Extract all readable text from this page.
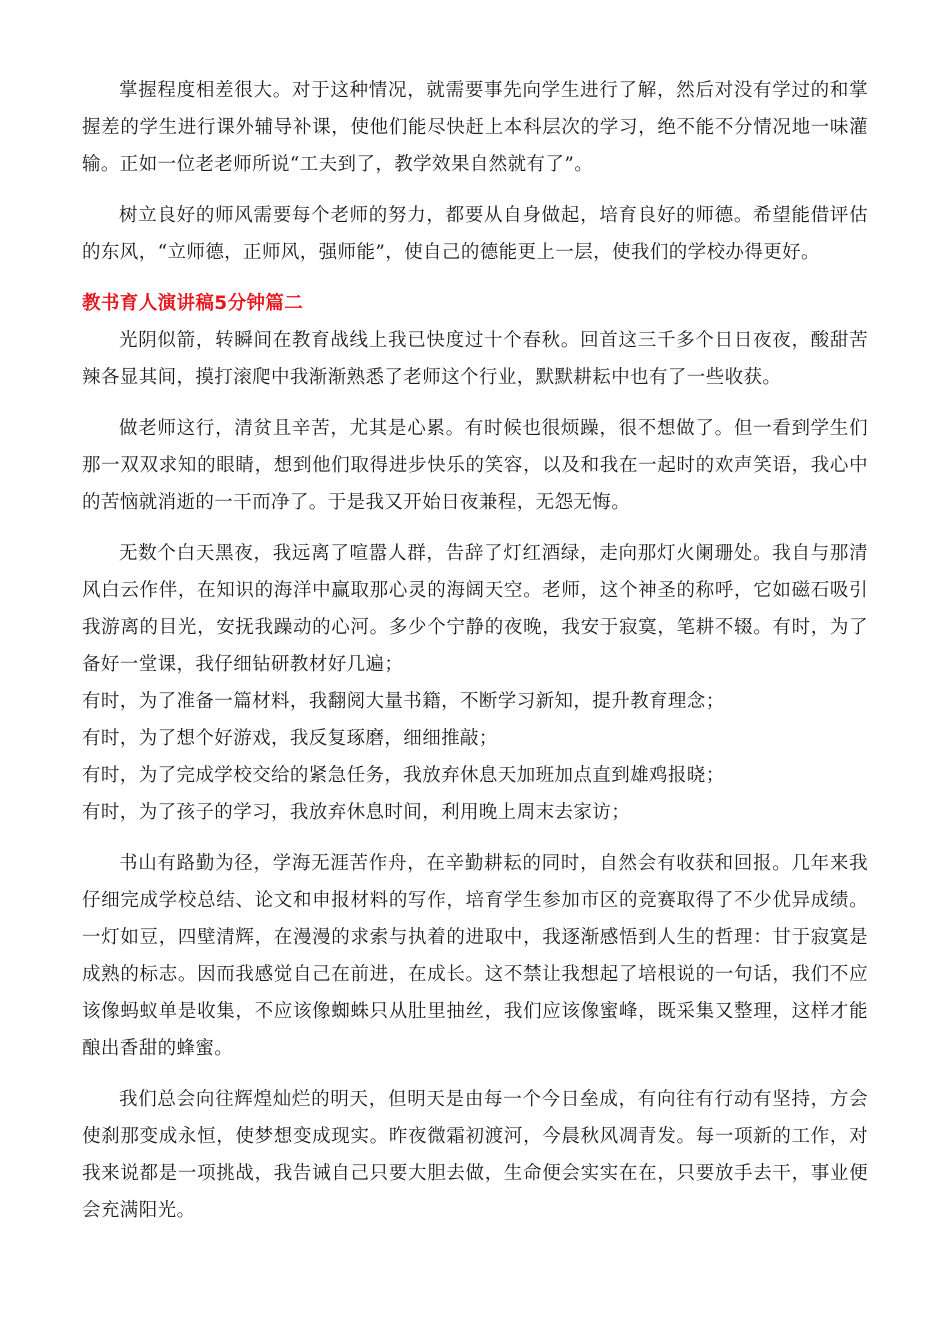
掌握程度相差很大。对于这种情况，就需要事先向学生进行了解，然后对没有学过的和掌握差的学生进行课外辅导补课，使他们能尽快赶上本科层次的学习，绝不能不分情况地一味灌输。正如一位老老师所说“工夫到了，教学效果自然就有了”。

树立良好的师风需要每个老师的努力，都要从自身做起，培育良好的师德。希望能借评估的东风，“立师德，正师风，强师能”，使自己的德能更上一层，使我们的学校办得更好。

教书育人演讲稿5分钟篇二

光阴似箭，转瞬间在教育战线上我已快度过十个春秋。回首这三千多个日日夜夜，酸甜苦辣各显其间，摸打滚爬中我渐渐熟悉了老师这个行业，默默耕耘中也有了一些收获。

做老师这行，清贫且辛苦，尤其是心累。有时候也很烦躁，很不想做了。但一看到学生们那一双双求知的眼睛，想到他们取得进步快乐的笑容，以及和我在一起时的欢声笑语，我心中的苦恼就消逝的一干而净了。于是我又开始日夜兼程，无怨无悔。

无数个白天黑夜，我远离了喧嚣人群，告辞了灯红酒绿，走向那灯火阑珊处。我自与那清风白云作伴，在知识的海洋中赢取那心灵的海阔天空。老师，这个神圣的称呼，它如磁石吸引我游离的目光，安抚我躁动的心河。多少个宁静的夜晚，我安于寂寞，笔耕不辍。有时，为了备好一堂课，我仔细钻研教材好几遍；

有时，为了准备一篇材料，我翻阅大量书籍，不断学习新知，提升教育理念；

有时，为了想个好游戏，我反复琢磨，细细推敲；

有时，为了完成学校交给的紧急任务，我放弃休息天加班加点直到雄鸡报晓；

有时，为了孩子的学习，我放弃休息时间，利用晚上周末去家访；

书山有路勤为径，学海无涯苦作舟，在辛勤耕耘的同时，自然会有收获和回报。几年来我仔细完成学校总结、论文和申报材料的写作，培育学生参加市区的竞赛取得了不少优异成绩。一灯如豆，四壁清辉，在漫漫的求索与执着的进取中，我逐渐感悟到人生的哲理：甘于寂寞是成熟的标志。因而我感觉自己在前进，在成长。这不禁让我想起了培根说的一句话，我们不应该像蚂蚁单是收集，不应该像蜘蛛只从肚里抽丝，我们应该像蜜峰，既采集又整理，这样才能酿出香甜的蜂蜜。

我们总会向往辉煌灿烂的明天，但明天是由每一个今日垒成，有向往有行动有坚持，方会使刹那变成永恒，使梦想变成现实。昨夜微霜初渡河，今晨秋风凋青发。每一项新的工作，对我来说都是一项挑战，我告诫自己只要大胆去做，生命便会实实在在，只要放手去干，事业便会充满阳光。
